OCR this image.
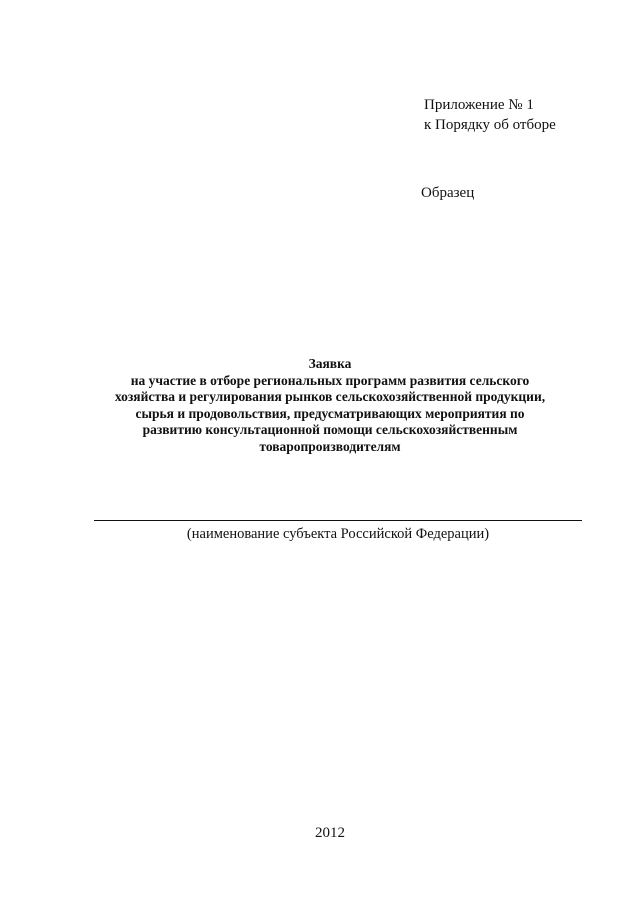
Приложение № 1
к Порядку об отборе
Образец
Заявка
на участие в отборе региональных программ развития сельского
хозяйства и регулирования рынков сельскохозяйственной продукции,
сырья и продовольствия, предусматривающих мероприятия по
развитию консультационной помощи сельскохозяйственным
товаропроизводителям
(наименование субъекта Российской Федерации)
2012
